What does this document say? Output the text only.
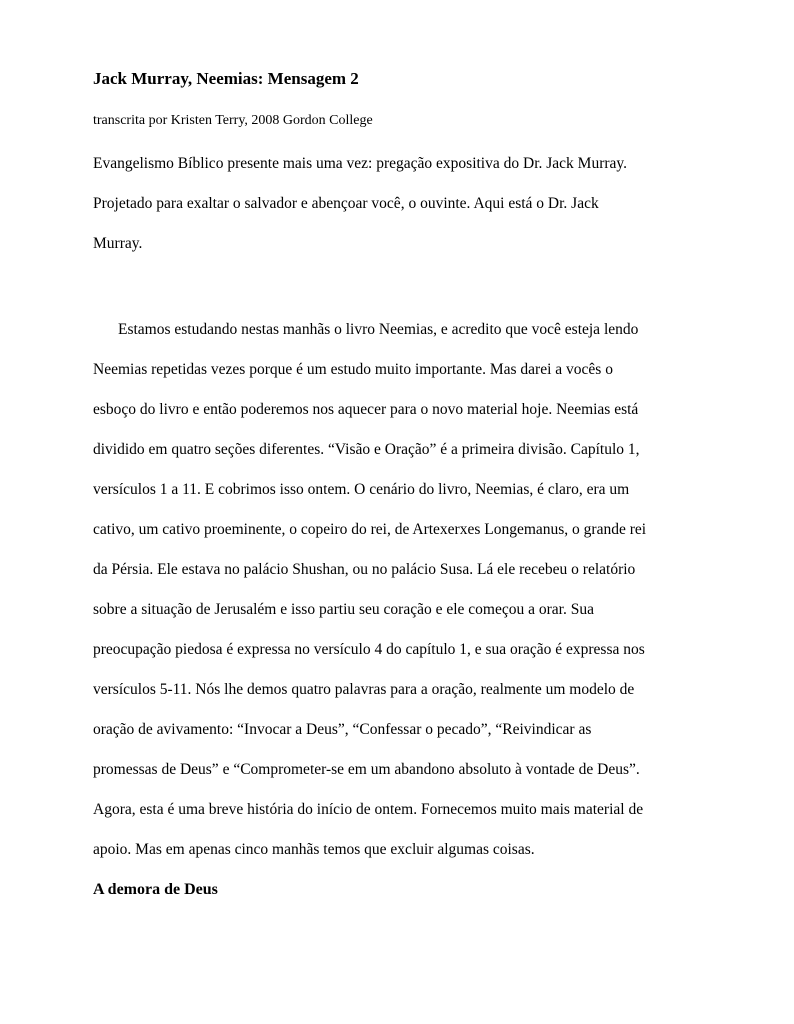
Jack Murray, Neemias: Mensagem 2
transcrita por Kristen Terry, 2008 Gordon College
Evangelismo Bíblico presente mais uma vez: pregação expositiva do Dr. Jack Murray.
Projetado para exaltar o salvador e abençoar você, o ouvinte. Aqui está o Dr. Jack
Murray.
Estamos estudando nestas manhãs o livro Neemias, e acredito que você esteja lendo
Neemias repetidas vezes porque é um estudo muito importante. Mas darei a vocês o
esboço do livro e então poderemos nos aquecer para o novo material hoje. Neemias está
dividido em quatro seções diferentes. “Visão e Oração” é a primeira divisão. Capítulo 1,
versículos 1 a 11. E cobrimos isso ontem. O cenário do livro, Neemias, é claro, era um
cativo, um cativo proeminente, o copeiro do rei, de Artexerxes Longemanus, o grande rei
da Pérsia. Ele estava no palácio Shushan, ou no palácio Susa. Lá ele recebeu o relatório
sobre a situação de Jerusalém e isso partiu seu coração e ele começou a orar. Sua
preocupação piedosa é expressa no versículo 4 do capítulo 1, e sua oração é expressa nos
versículos 5-11. Nós lhe demos quatro palavras para a oração, realmente um modelo de
oração de avivamento: “Invocar a Deus”, “Confessar o pecado”, “Reivindicar as
promessas de Deus” e “Comprometer-se em um abandono absoluto à vontade de Deus”.
Agora, esta é uma breve história do início de ontem. Fornecemos muito mais material de
apoio. Mas em apenas cinco manhãs temos que excluir algumas coisas.
A demora de Deus
